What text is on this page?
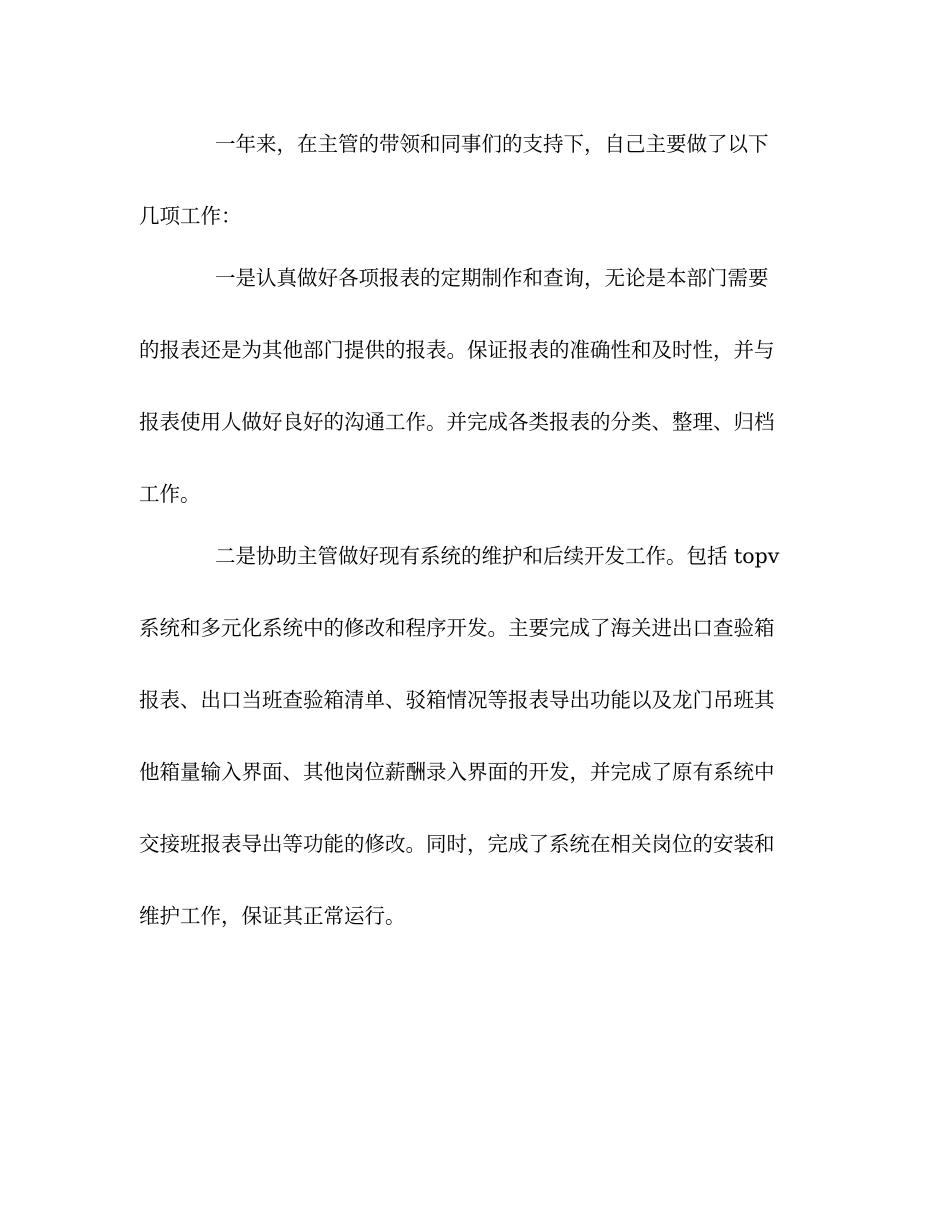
一年来，在主管的带领和同事们的支持下，自己主要做了以下
几项工作：
一是认真做好各项报表的定期制作和查询，无论是本部门需要
的报表还是为其他部门提供的报表。保证报表的准确性和及时性，并与
报表使用人做好良好的沟通工作。并完成各类报表的分类、整理、归档
工作。
二是协助主管做好现有系统的维护和后续开发工作。包括 topv
系统和多元化系统中的修改和程序开发。主要完成了海关进出口查验箱
报表、出口当班查验箱清单、驳箱情况等报表导出功能以及龙门吊班其
他箱量输入界面、其他岗位薪酬录入界面的开发，并完成了原有系统中
交接班报表导出等功能的修改。同时，完成了系统在相关岗位的安装和
维护工作，保证其正常运行。
